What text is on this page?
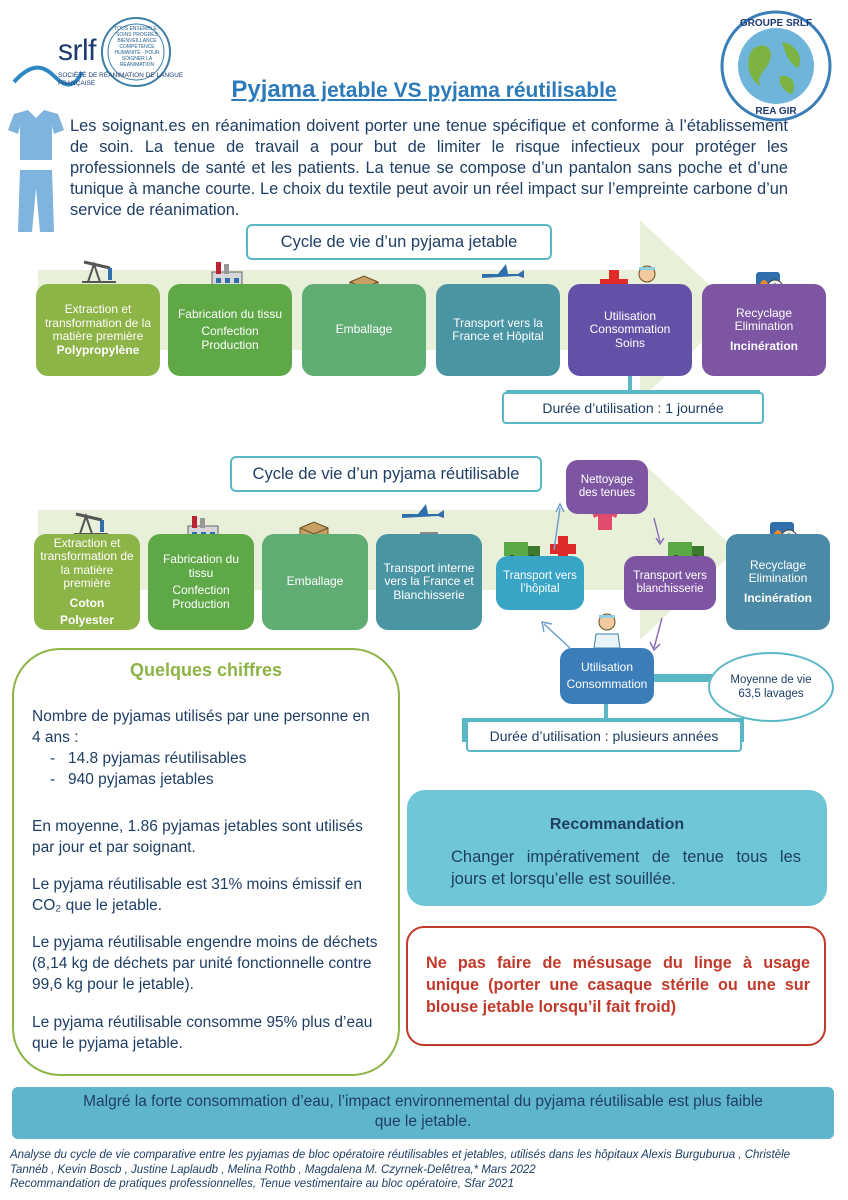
srlf
SOCIÉTÉ DE RÉANIMATION DE LANGUE FRANÇAISE
TOUS ENSEMBLE · SOINS PROGRÈS BIENVEILLANCE COMPÉTENCE HUMANITÉ · POUR SOIGNER LA RÉANIMATION
GROUPE SRLF
REA GIR
Pyjama jetable VS pyjama réutilisable
Les soignant.es en réanimation doivent porter une tenue spécifique et conforme à l’établissement de soin. La tenue de travail a pour but de limiter le risque infectieux pour protéger les professionnels de santé et les patients. La tenue se compose d’un pantalon sans poche et d’une tunique à manche courte. Le choix du textile peut avoir un réel impact sur l’empreinte carbone d’un service de réanimation.
Cycle de vie d’un pyjama jetable
Extraction et transformation de la matière première
Polypropylène
Fabrication du tissu
Confection
Production
Emballage	Transport vers la France et Hôpital
Utilisation
Consommation
Soins
Recyclage
Elimination
Incinération
Durée d’utilisation : 1 journée
Cycle de vie d’un pyjama réutilisable
Extraction et transformation de la matière première
Coton
Polyester
Fabrication du tissu
Confection
Production
Emballage
Transport interne vers la France et Blanchisserie
Transport vers l’hôpital
Nettoyage des tenues
Transport vers blanchisserie
Utilisation
Consommation
Recyclage
Elimination
Incinération
Moyenne de vie 63,5 lavages
Durée d’utilisation : plusieurs années
Quelques chiffres
Nombre de pyjamas utilisés par une personne en 4 ans :
- 14.8 pyjamas réutilisables
- 940 pyjamas jetables
En moyenne, 1.86 pyjamas jetables sont utilisés par jour et par soignant.
Le pyjama réutilisable est 31% moins émissif en CO₂ que le jetable.
Le pyjama réutilisable engendre moins de déchets (8,14 kg de déchets par unité fonctionnelle contre 99,6 kg pour le jetable).
Le pyjama réutilisable consomme 95% plus d’eau que le pyjama jetable.
Recommandation
Changer impérativement de tenue tous les jours et lorsqu’elle est souillée.
Ne pas faire de mésusage du linge à usage unique (porter une casaque stérile ou une sur blouse jetable lorsqu’il fait froid)
Malgré la forte consommation d’eau, l’impact environnemental du pyjama réutilisable est plus faible que le jetable.
Analyse du cycle de vie comparative entre les pyjamas de bloc opératoire réutilisables et jetables, utilisés dans les hôpitaux Alexis Burguburua , Christèle Tannéb , Kevin Boscb , Justine Laplaudb , Melina Rothb , Magdalena M. Czyrnek-Delêtrea,* Mars 2022
Recommandation de pratiques professionnelles, Tenue vestimentaire au bloc opératoire, Sfar 2021
